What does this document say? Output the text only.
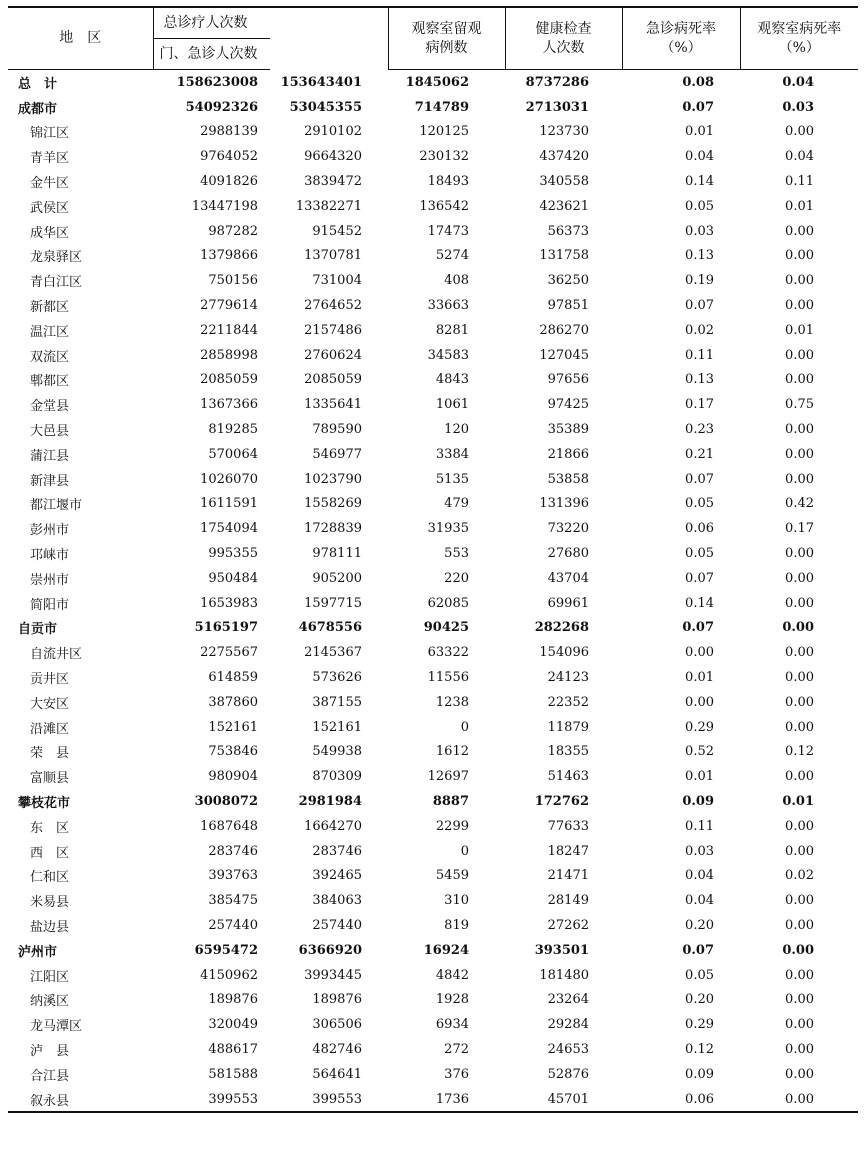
地　区	总诊疗人次数		观察室留观病例数	健康检查人次数	急诊病死率（%）	观察室病死率（%）
	门、急诊人次数					
总　计	158623008	153643401	1845062	8737286	0.08	0.04
成都市	54092326	53045355	714789	2713031	0.07	0.03
锦江区	2988139	2910102	120125	123730	0.01	0.00
青羊区	9764052	9664320	230132	437420	0.04	0.04
金牛区	4091826	3839472	18493	340558	0.14	0.11
武侯区	13447198	13382271	136542	423621	0.05	0.01
成华区	987282	915452	17473	56373	0.03	0.00
龙泉驿区	1379866	1370781	5274	131758	0.13	0.00
青白江区	750156	731004	408	36250	0.19	0.00
新都区	2779614	2764652	33663	97851	0.07	0.00
温江区	2211844	2157486	8281	286270	0.02	0.01
双流区	2858998	2760624	34583	127045	0.11	0.00
郫都区	2085059	2085059	4843	97656	0.13	0.00
金堂县	1367366	1335641	1061	97425	0.17	0.75
大邑县	819285	789590	120	35389	0.23	0.00
蒲江县	570064	546977	3384	21866	0.21	0.00
新津县	1026070	1023790	5135	53858	0.07	0.00
都江堰市	1611591	1558269	479	131396	0.05	0.42
彭州市	1754094	1728839	31935	73220	0.06	0.17
邛崃市	995355	978111	553	27680	0.05	0.00
崇州市	950484	905200	220	43704	0.07	0.00
简阳市	1653983	1597715	62085	69961	0.14	0.00
自贡市	5165197	4678556	90425	282268	0.07	0.00
自流井区	2275567	2145367	63322	154096	0.00	0.00
贡井区	614859	573626	11556	24123	0.01	0.00
大安区	387860	387155	1238	22352	0.00	0.00
沿滩区	152161	152161	0	11879	0.29	0.00
荣　县	753846	549938	1612	18355	0.52	0.12
富顺县	980904	870309	12697	51463	0.01	0.00
攀枝花市	3008072	2981984	8887	172762	0.09	0.01
东　区	1687648	1664270	2299	77633	0.11	0.00
西　区	283746	283746	0	18247	0.03	0.00
仁和区	393763	392465	5459	21471	0.04	0.02
米易县	385475	384063	310	28149	0.04	0.00
盐边县	257440	257440	819	27262	0.20	0.00
泸州市	6595472	6366920	16924	393501	0.07	0.00
江阳区	4150962	3993445	4842	181480	0.05	0.00
纳溪区	189876	189876	1928	23264	0.20	0.00
龙马潭区	320049	306506	6934	29284	0.29	0.00
泸　县	488617	482746	272	24653	0.12	0.00
合江县	581588	564641	376	52876	0.09	0.00
叙永县	399553	399553	1736	45701	0.06	0.00
